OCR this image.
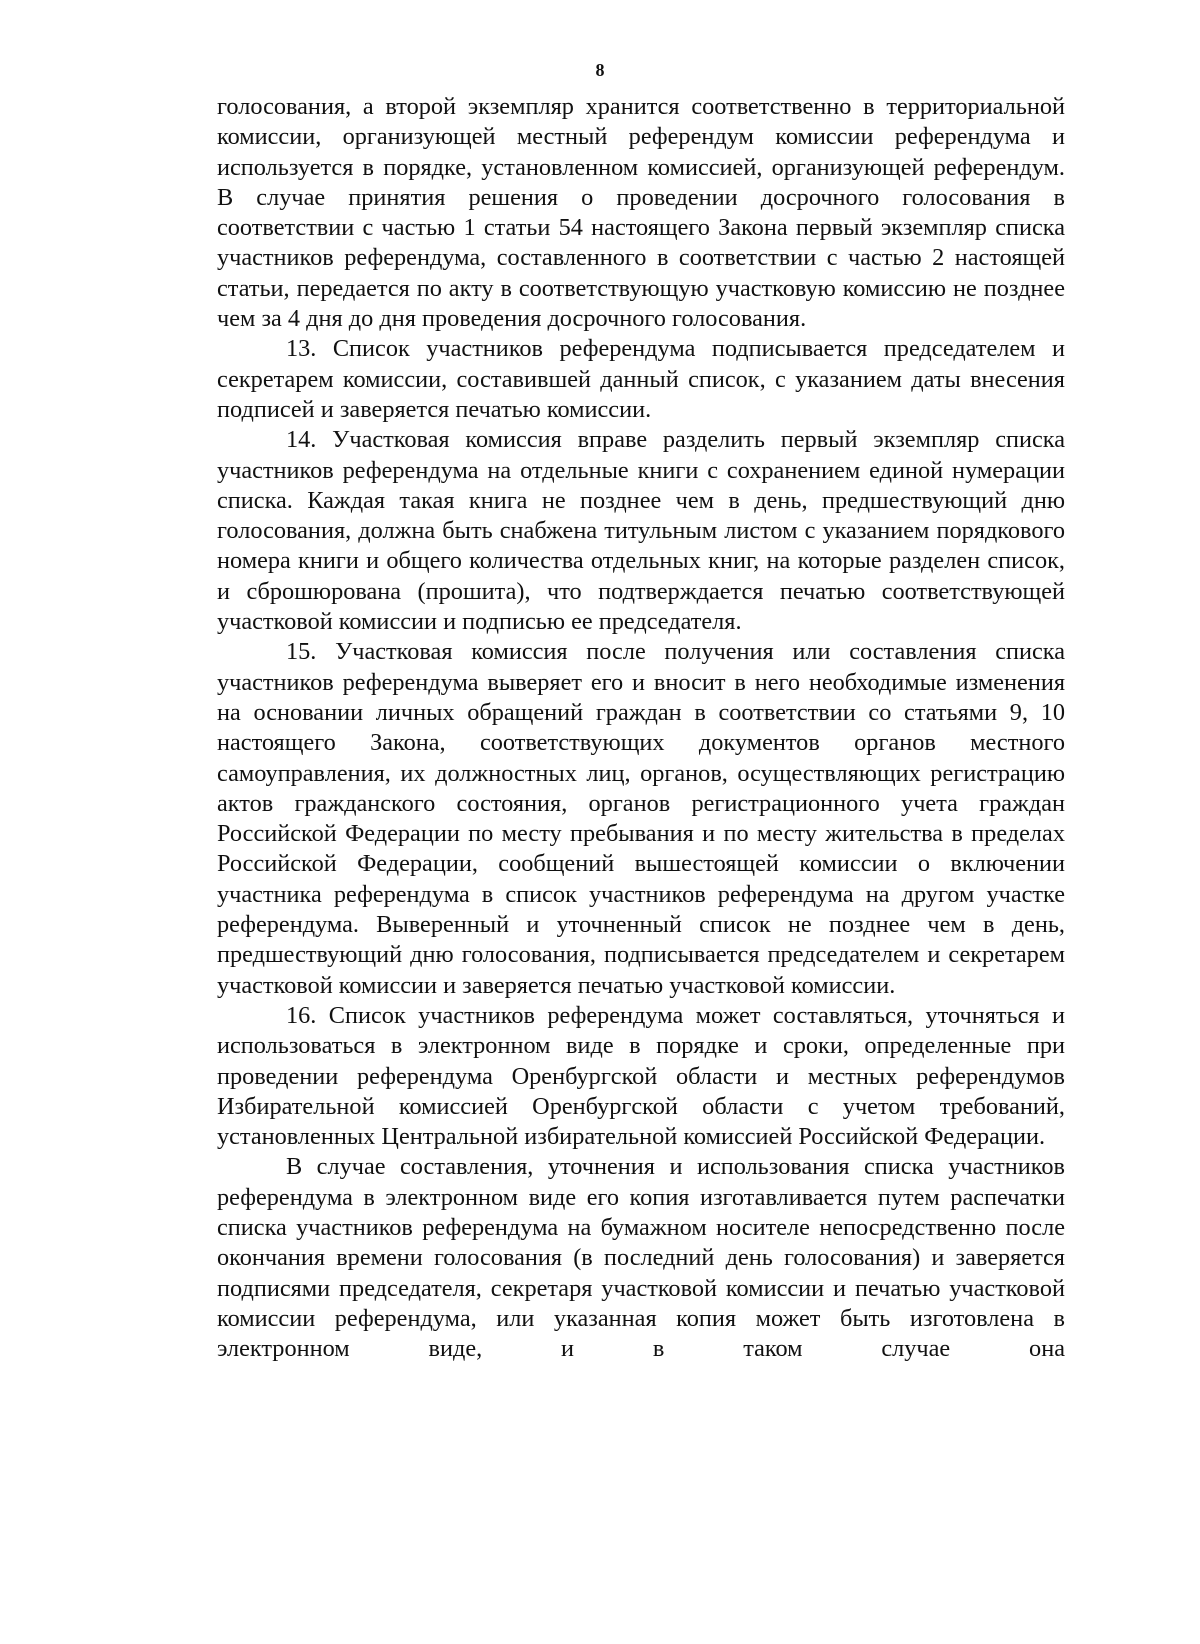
8

голосования, а второй экземпляр хранится соответственно в территориальной комиссии, организующей местный референдум комиссии референдума и используется в порядке, установленном комиссией, организующей референдум. В случае принятия решения о проведении досрочного голосования в соответствии с частью 1 статьи 54 настоящего Закона первый экземпляр списка участников референдума, составленного в соответствии с частью 2 настоящей статьи, передается по акту в соответствующую участковую комиссию не позднее чем за 4 дня до дня проведения досрочного голосования.

13. Список участников референдума подписывается председателем и секретарем комиссии, составившей данный список, с указанием даты внесения подписей и заверяется печатью комиссии.

14. Участковая комиссия вправе разделить первый экземпляр списка участников референдума на отдельные книги с сохранением единой нумерации списка. Каждая такая книга не позднее чем в день, предшествующий дню голосования, должна быть снабжена титульным листом с указанием порядкового номера книги и общего количества отдельных книг, на которые разделен список, и сброшюрована (прошита), что подтверждается печатью соответствующей участковой комиссии и подписью ее председателя.

15. Участковая комиссия после получения или составления списка участников референдума выверяет его и вносит в него необходимые изменения на основании личных обращений граждан в соответствии со статьями 9, 10 настоящего Закона, соответствующих документов органов местного самоуправления, их должностных лиц, органов, осуществляющих регистрацию актов гражданского состояния, органов регистрационного учета граждан Российской Федерации по месту пребывания и по месту жительства в пределах Российской Федерации, сообщений вышестоящей комиссии о включении участника референдума в список участников референдума на другом участке референдума. Выверенный и уточненный список не позднее чем в день, предшествующий дню голосования, подписывается председателем и секретарем участковой комиссии и заверяется печатью участковой комиссии.

16. Список участников референдума может составляться, уточняться и использоваться в электронном виде в порядке и сроки, определенные при проведении референдума Оренбургской области и местных референдумов Избирательной комиссией Оренбургской области с учетом требований, установленных Центральной избирательной комиссией Российской Федерации.

В случае составления, уточнения и использования списка участников референдума в электронном виде его копия изготавливается путем распечатки списка участников референдума на бумажном носителе непосредственно после окончания времени голосования (в последний день голосования) и заверяется подписями председателя, секретаря участковой комиссии и печатью участковой комиссии референдума, или указанная копия может быть изготовлена в электронном виде, и в таком случае она
